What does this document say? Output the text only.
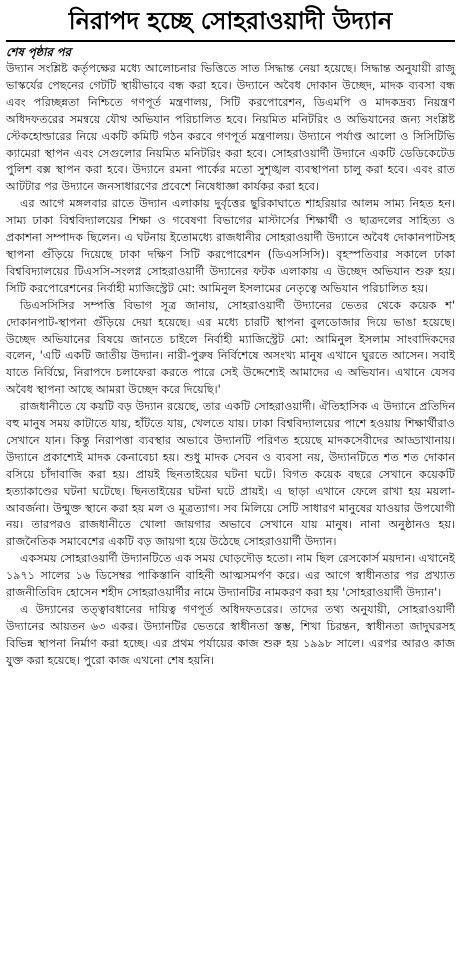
নিরাপদ হচ্ছে সোহরাওয়াদী উদ্যান
শেষ পৃষ্ঠার পর

উদ্যান সংশ্লিষ্ট কর্তৃপক্ষের মধ্যে আলোচনার ভিত্তিতে সাত সিদ্ধান্ত নেয়া হয়েছে। সিদ্ধান্ত অনুযায়ী রাজু ভাস্কর্যের পেছনের গেটটি স্থায়ীভাবে বন্ধ করা হবে। উদ্যানে অবৈধ দোকান উচ্ছেদ, মাদক ব্যবসা বন্ধ এবং পরিচ্ছন্নতা নিশ্চিতে গণপূর্ত মন্ত্রণালয়, সিটি করপোরেশন, ডিএমপি ও মাদকদ্রব্য নিয়ন্ত্রণ অধিদফতরের সমন্বয়ে যৌথ অভিযান পরিচালিত হবে। নিয়মিত মনিটরিং ও অভিযানের জন্য সংশ্লিষ্ট স্টেকহোল্ডারের নিয়ে একটি কমিটি গঠন করবে গণপূর্ত মন্ত্রণালয়। উদ্যানে পর্যাপ্ত আলো ও সিসিটিভি ক্যামেরা স্থাপন এবং সেগুলোর নিয়মিত মনিটরিং করা হবে। সোহরাওয়ার্দী উদ্যানে একটি ডেডিকেটেড পুলিশ বক্স স্থাপন করা হবে। উদ্যানে রমনা পার্কের মতো সুশৃঙ্খল ব্যবস্থাপনা চালু করা হবে। এবং রাত আটটার পর উদ্যানে জনসাধারণের প্রবেশে নিষেধাজ্ঞা কার্যকর করা হবে।

এর আগে মঙ্গলবার রাতে উদ্যান এলাকায় দুর্বৃত্তের ছুরিকাঘাতে শাহরিয়ার আলম সাম্য নিহত হন। সাম্য ঢাকা বিশ্ববিদ্যালয়ের শিক্ষা ও গবেষণা বিভাগের মাস্টার্সের শিক্ষার্থী ও ছাত্রদলের সাহিত্য ও প্রকাশনা সম্পাদক ছিলেন। এ ঘটনায় ইতোমধ্যে রাজধানীর সোহরাওয়ার্দী উদ্যানে অবৈধ দোকানপাটসহ স্থাপনা গুঁড়িয়ে দিয়েছে ঢাকা দক্ষিণ সিটি করপোরেশন (ডিএসসিসি)। বৃহস্পতিবার সকালে ঢাকা বিশ্ববিদ্যালয়ের টিএসসি-সংলগ্ন সোহরাওয়ার্দী উদ্যানের ফটক এলাকায় এ উচ্ছেদ অভিযান শুরু হয়। সিটি করপোরেশনের নির্বাহী ম্যাজিস্ট্রেট মো: আমিনুল ইসলামের নেতৃত্বে অভিযান পরিচালিত হয়।

ডিএসসিসির সম্পত্তি বিভাগ সূত্র জানায়, সোহরাওয়ার্দী উদ্যানের ভেতর থেকে কয়েক শ' দোকানপাট-স্থাপনা গুঁড়িয়ে দেয়া হয়েছে। এর মধ্যে চারটি স্থাপনা বুলডোজার দিয়ে ভাঙা হয়েছে। উচ্ছেদ অভিযানের বিষয়ে জানতে চাইলে নির্বাহী ম্যাজিস্ট্রেট মো: আমিনুল ইসলাম সাংবাদিকদের বলেন, 'এটি একটি জাতীয় উদ্যান। নারী-পুরুষ নির্বিশেষে অসংখ্য মানুষ এখানে ঘুরতে আসেন। সবাই যাতে নির্বিঘ্নে, নিরাপদে চলাফেরা করতে পারে সেই উদ্দেশ্যেই আমাদের এ অভিযান। এখানে যেসব অবৈধ স্থাপনা আছে আমরা উচ্ছেদ করে দিয়েছি।'

রাজধানীতে যে কয়টি বড় উদ্যান রয়েছে, তার একটি সোহরাওয়ার্দী। ঐতিহাসিক এ উদ্যানে প্রতিদিন বহু মানুষ সময় কাটাতে যায়, হাঁটতে যায়, খেলতে যায়। ঢাকা বিশ্ববিদ্যালয়ের পাশে হওয়ায় শিক্ষার্থীরাও সেখানে যান। কিন্তু নিরাপত্তা ব্যবস্থার অভাবে উদ্যানটি পরিণত হয়েছে মাদকসেবীদের আড্ডাখানায়। উদ্যানে প্রকাশ্যেই মাদক কেনাবেচা হয়। শুধু মাদক সেবন ও ব্যবসা নয়, উদ্যানটিতে শত শত দোকান বসিয়ে চাঁদাবাজি করা হয়। প্রায়ই ছিনতাইয়ের ঘটনা ঘটে। বিগত কয়েক বছরে সেখানে কয়েকটি হত্যাকাণ্ডের ঘটনা ঘটেছে। ছিনতাইয়ের ঘটনা ঘটে প্রায়ই। এ ছাড়া এখানে ফেলে রাখা হয় ময়লা-আবর্জনা। উন্মুক্ত স্থানে করা হয় মল ও মূত্রত্যাগ। সব মিলিয়ে সেটি সাধারণ মানুষের যাওয়ার উপযোগী নয়। তারপরও রাজধানীতে খোলা জায়গার অভাবে সেখানে যায় মানুষ। নানা অনুষ্ঠানও হয়। রাজনৈতিক সমাবেশের একটি বড় জায়গা হয়ে উঠেছে সোহরাওয়ার্দী উদ্যান।

একসময় সোহরাওয়ার্দী উদ্যানটিতে এক সময় ঘোড়দৌড় হতো। নাম ছিল রেসকোর্স ময়দান। এখানেই ১৯৭১ সালের ১৬ ডিসেম্বর পাকিস্তানি বাহিনী আত্মসমর্পণ করে। এর আগে স্বাধীনতার পর প্রখ্যাত রাজনীতিবিদ হোসেন শহীদ সোহরাওয়ার্দীর নামে উদ্যানটির নামকরণ করা হয় 'সোহরাওয়ার্দী উদ্যান'।

এ উদ্যানের তত্ত্বাবধানের দায়িত্ব গণপূর্ত অধিদফতরের। তাদের তথ্য অনুযায়ী, সোহরাওয়ার্দী উদ্যানের আয়তন ৬৩ একর। উদ্যানটির ভেতরে স্বাধীনতা স্তম্ভ, শিখা চিরন্তন, স্বাধীনতা জাদুঘরসহ বিভিন্ন স্থাপনা নির্মাণ করা হচ্ছে। এর প্রথম পর্যায়ের কাজ শুরু হয় ১৯৯৮ সালে। এরপর আরও কাজ যুক্ত করা হয়েছে। পুরো কাজ এখনো শেষ হয়নি।
